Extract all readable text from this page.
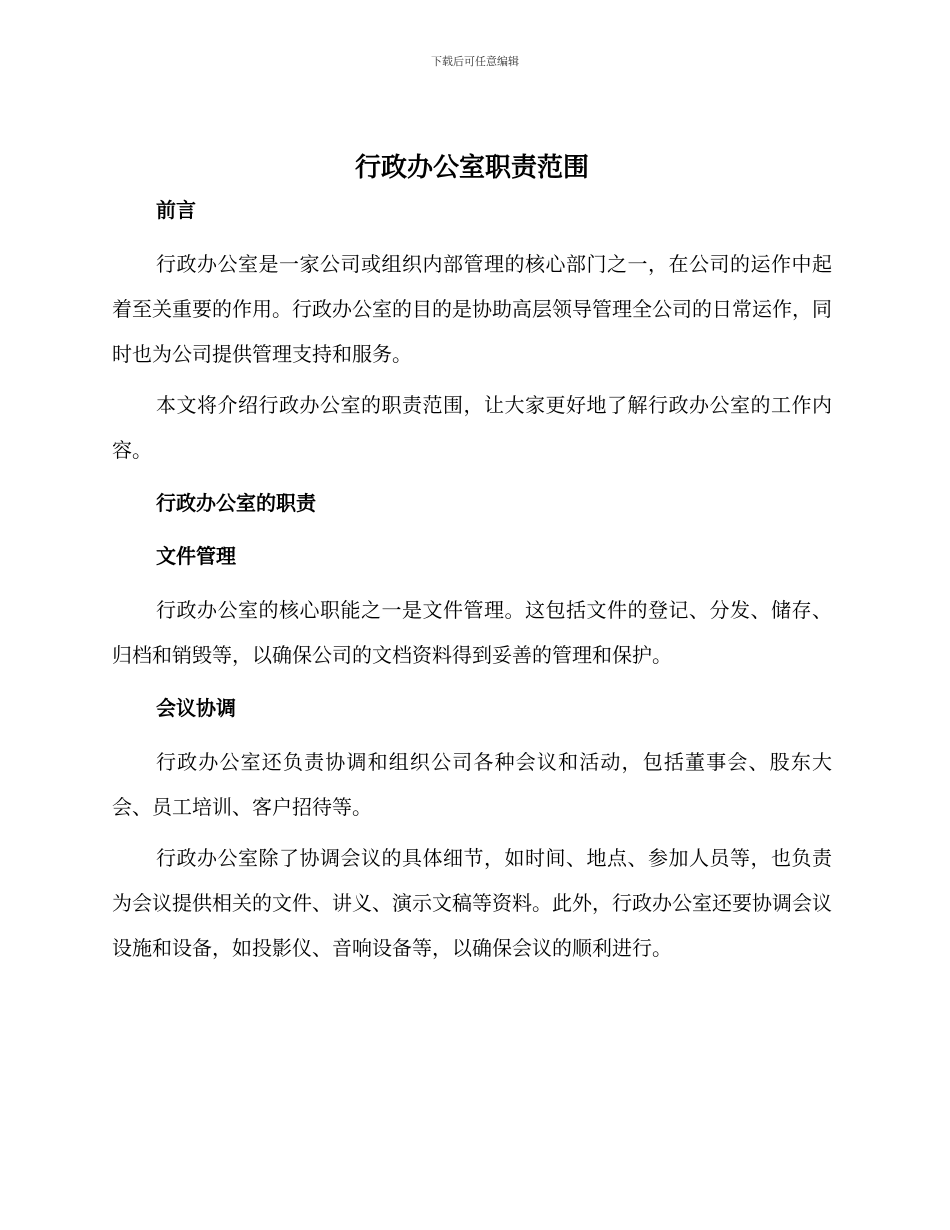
下载后可任意编辑
行政办公室职责范围

前言

行政办公室是一家公司或组织内部管理的核心部门之一，在公司的运作中起着至关重要的作用。行政办公室的目的是协助高层领导管理全公司的日常运作，同时也为公司提供管理支持和服务。

本文将介绍行政办公室的职责范围，让大家更好地了解行政办公室的工作内容。

行政办公室的职责

文件管理

行政办公室的核心职能之一是文件管理。这包括文件的登记、分发、储存、归档和销毁等，以确保公司的文档资料得到妥善的管理和保护。

会议协调

行政办公室还负责协调和组织公司各种会议和活动，包括董事会、股东大会、员工培训、客户招待等。

行政办公室除了协调会议的具体细节，如时间、地点、参加人员等，也负责为会议提供相关的文件、讲义、演示文稿等资料。此外，行政办公室还要协调会议设施和设备，如投影仪、音响设备等，以确保会议的顺利进行。
